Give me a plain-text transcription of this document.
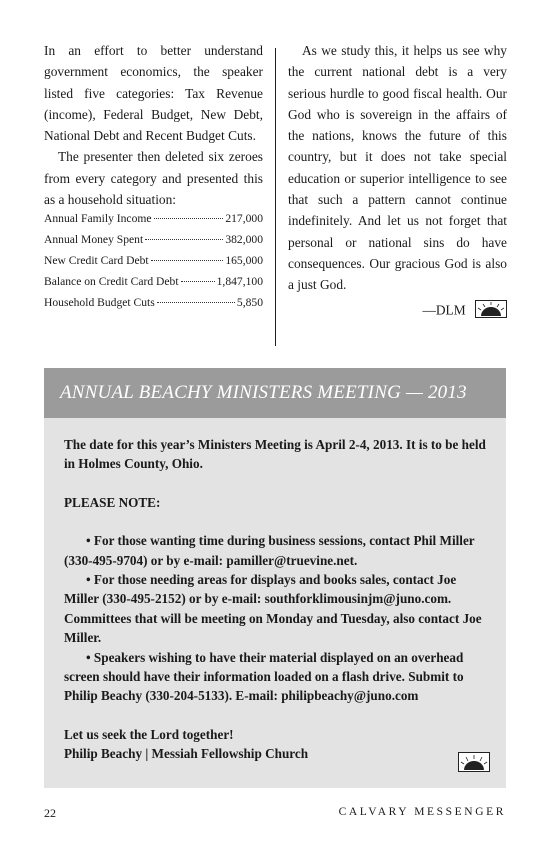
In an effort to better understand government economics, the speaker listed five categories: Tax Revenue (income), Federal Budget, New Debt, National Debt and Recent Budget Cuts.

The presenter then deleted six zeroes from every category and presented this as a household situation:

Annual Family Income	217,000
Annual Money Spent	382,000
New Credit Card Debt	165,000
Balance on Credit Card Debt	1,847,100
Household Budget Cuts	5,850

As we study this, it helps us see why the current national debt is a very serious hurdle to good fiscal health. Our God who is sovereign in the affairs of the nations, knows the future of this country, but it does not take special education or superior intelligence to see that such a pattern cannot continue indefinitely. And let us not forget that personal or national sins do have consequences. Our gracious God is also a just God.

—DLM
ANNUAL BEACHY MINISTERS MEETING — 2013

The date for this year’s Ministers Meeting is April 2-4, 2013. It is to be held in Holmes County, Ohio.

PLEASE NOTE:

• For those wanting time during business sessions, contact Phil Miller (330-495-9704) or by e-mail: pamiller@truevine.net.

• For those needing areas for displays and books sales, contact Joe Miller (330-495-2152) or by e-mail: southforklimousinjm@juno.com. Committees that will be meeting on Monday and Tuesday, also contact Joe Miller.

• Speakers wishing to have their material displayed on an overhead screen should have their information loaded on a flash drive. Submit to Philip Beachy (330-204-5133). E-mail: philipbeachy@juno.com

Let us seek the Lord together!

Philip Beachy | Messiah Fellowship Church

22	CALVARY MESSENGER
